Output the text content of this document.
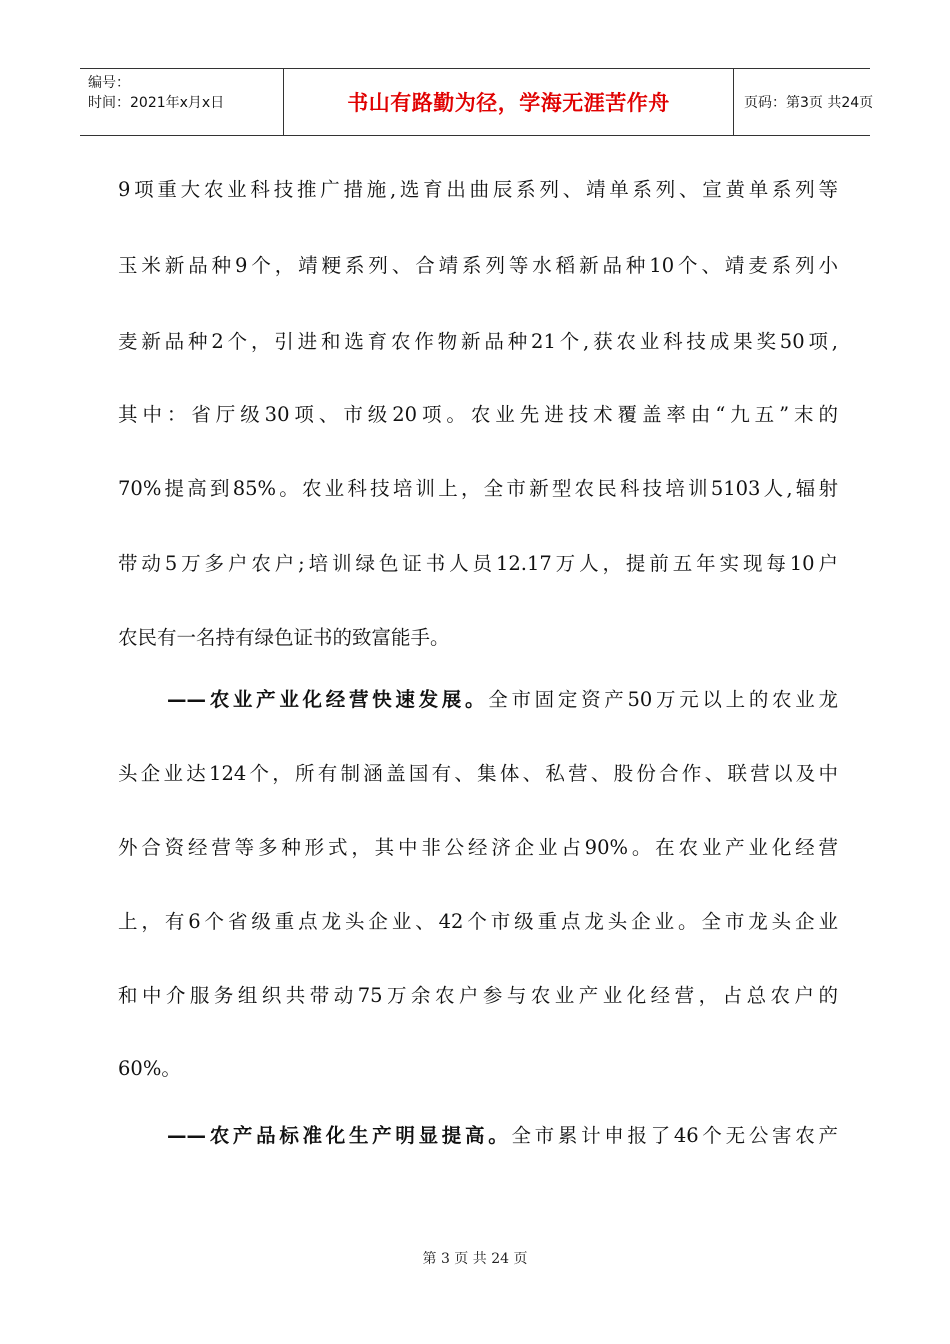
编号：
时间：2021年x月x日	书山有路勤为径，学海无涯苦作舟	页码：第3页 共24页
9项重大农业科技推广措施,选育出曲辰系列、靖单系列、宣黄单系列等
玉米新品种9个，靖粳系列、合靖系列等水稻新品种10个、靖麦系列小
麦新品种2个，引进和选育农作物新品种21个,获农业科技成果奖50项,
其中：省厅级30项、市级20项。农业先进技术覆盖率由“九五”末的
70%提高到85%。农业科技培训上，全市新型农民科技培训5103人,辐射
带动5万多户农户;培训绿色证书人员12.17万人，提前五年实现每10户
农民有一名持有绿色证书的致富能手。
——农业产业化经营快速发展。全市固定资产50万元以上的农业龙
头企业达124个，所有制涵盖国有、集体、私营、股份合作、联营以及中
外合资经营等多种形式，其中非公经济企业占90%。在农业产业化经营
上，有6个省级重点龙头企业、42个市级重点龙头企业。全市龙头企业
和中介服务组织共带动75万余农户参与农业产业化经营，占总农户的
60%。
——农产品标准化生产明显提高。全市累计申报了46个无公害农产
第 3 页 共 24 页
